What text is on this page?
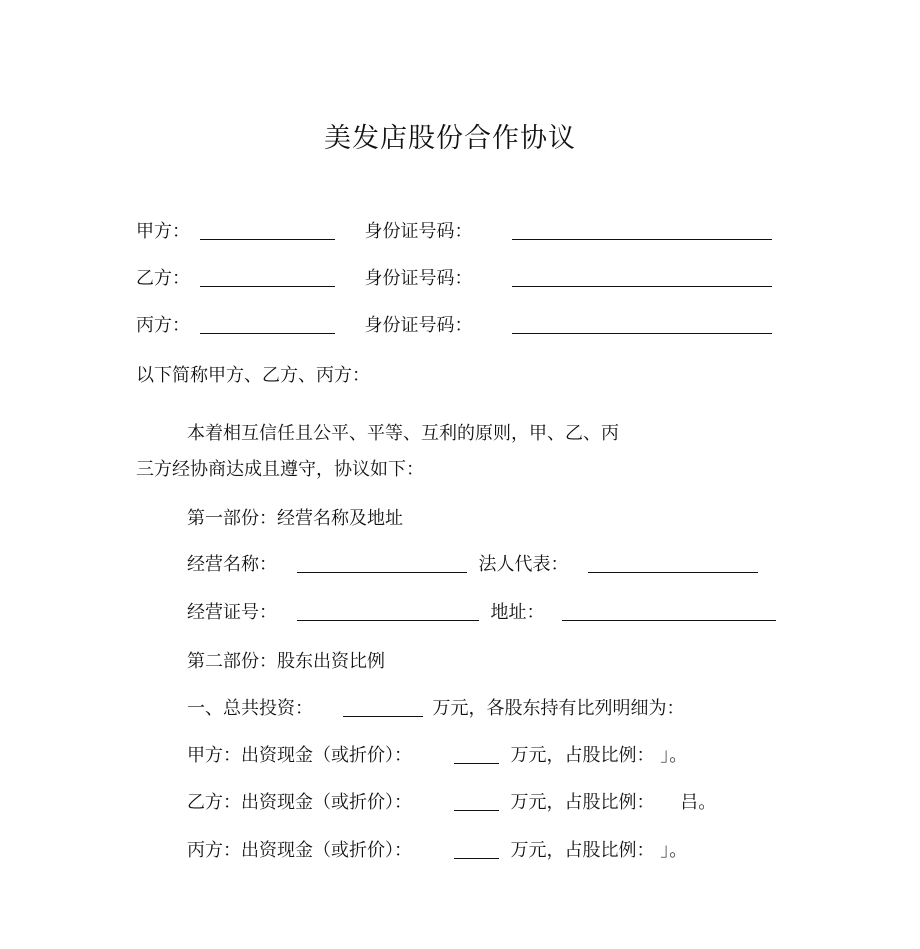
美发店股份合作协议
甲方：	身份证号码：
乙方：	身份证号码：
丙方：	身份证号码：
以下简称甲方、乙方、丙方：
本着相互信任且公平、平等、互利的原则，甲、乙、丙
三方经协商达成且遵守，协议如下：
第一部份：经营名称及地址
经营名称：	法人代表：
经营证号：	地址：
第二部份：股东出资比例
一、总共投资：	万元，各股东持有比列明细为：
甲方：出资现金（或折价）：	万元，占股比例： 」。
乙方：出资现金（或折价）：	万元，占股比例： 吕。
丙方：出资现金（或折价）：	万元，占股比例： 」。
